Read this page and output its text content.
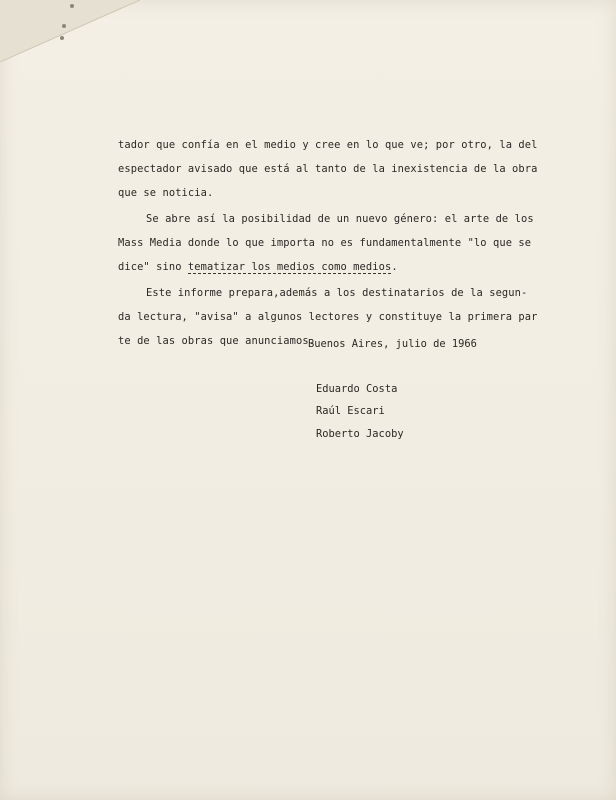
tador que confía en el medio y cree en lo que ve; por otro, la del
espectador avisado que está al tanto de la inexistencia de la obra
que se noticia.
Se abre así la posibilidad de un nuevo género: el arte de los
Mass Media donde lo que importa no es fundamentalmente "lo que se
dice" sino tematizar los medios como medios.
Este informe prepara,además a los destinatarios de la segun-
da lectura, "avisa" a algunos lectores y constituye la primera par
te de las obras que anunciamos.
Buenos Aires, julio de 1966
Eduardo Costa
Raúl Escari
Roberto Jacoby
